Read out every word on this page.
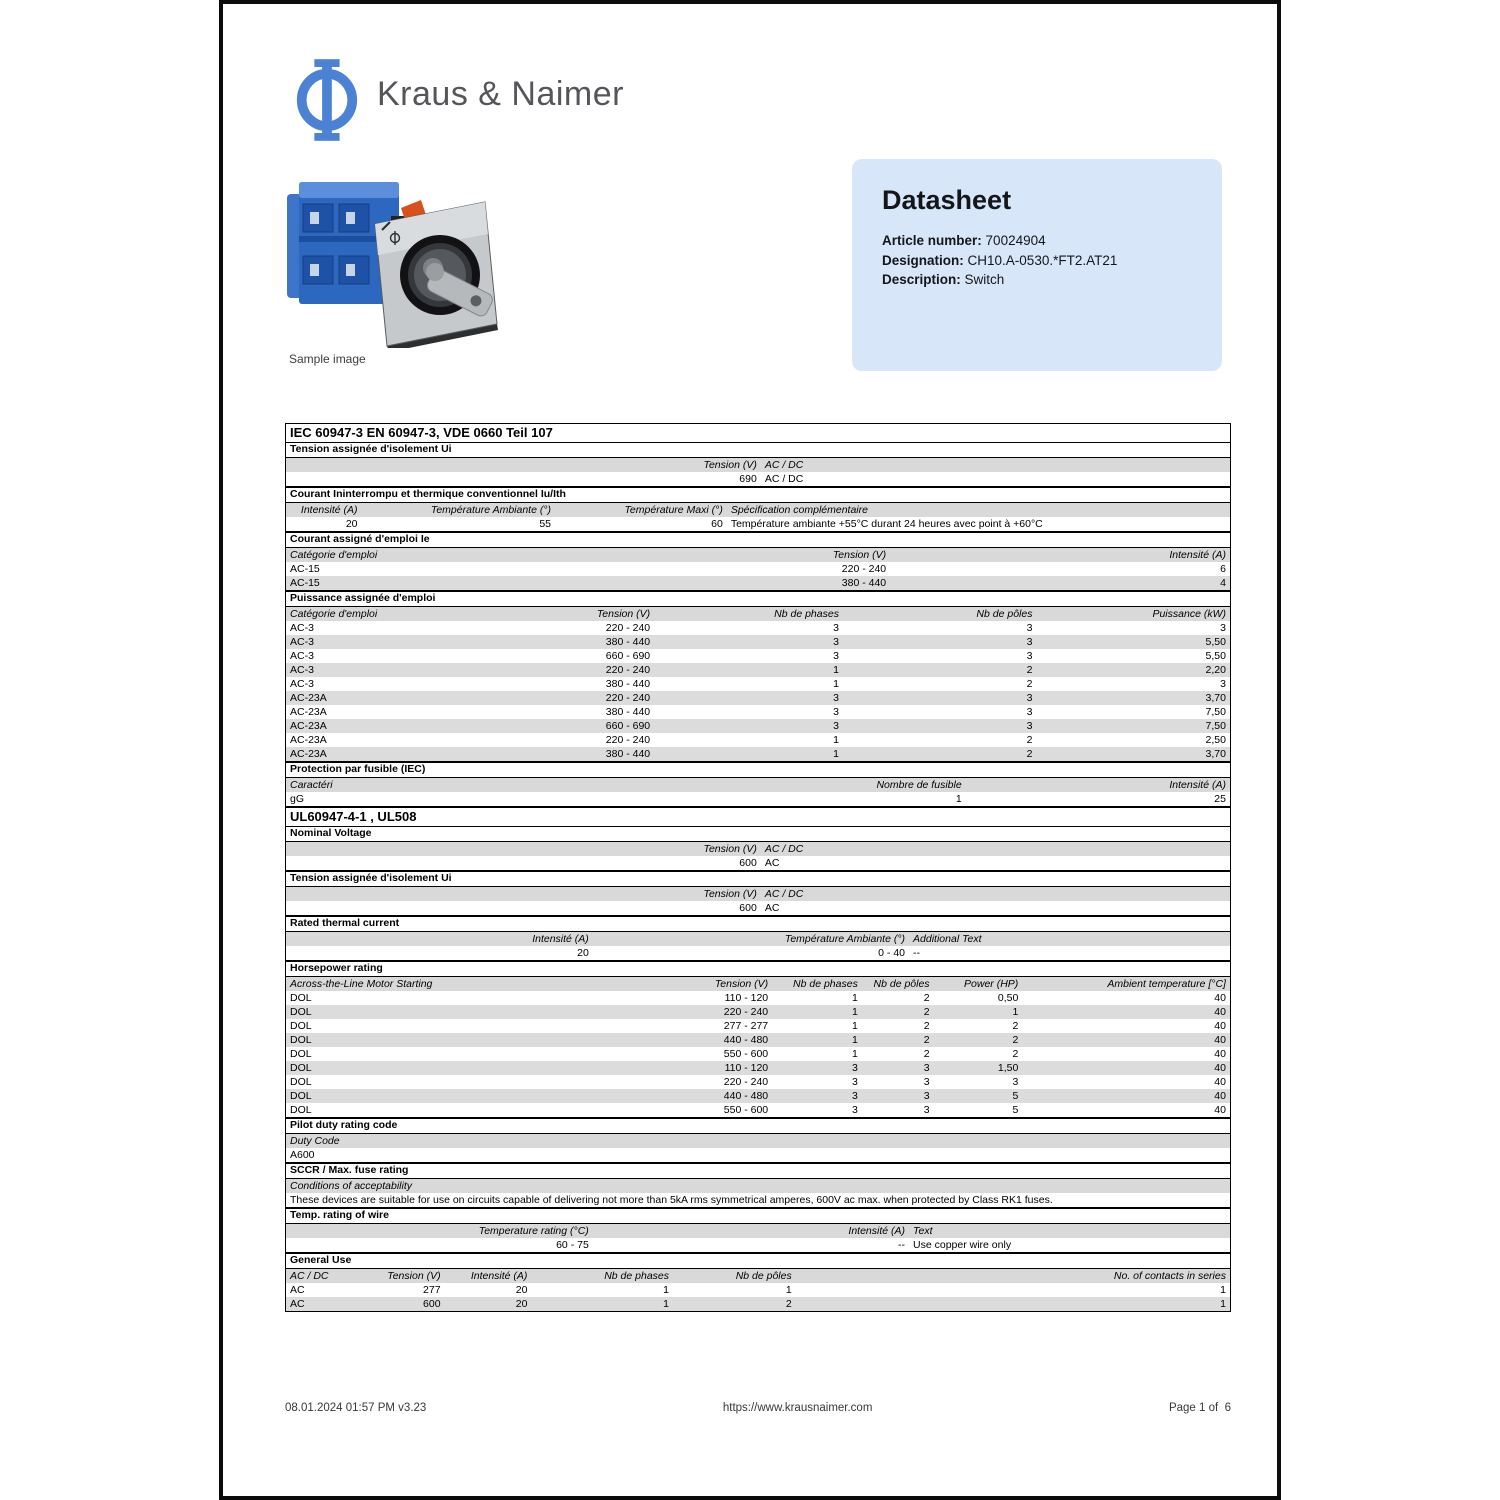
Kraus & Naimer
Sample image
Datasheet
Article number: 70024904
Designation: CH10.A-0530.*FT2.AT21
Description: Switch
IEC 60947-3 EN 60947-3, VDE 0660 Teil 107
Tension assignée d'isolement Ui
Tension (V) AC / DC
690 AC / DC
Courant Ininterrompu et thermique conventionnel Iu/Ith
Intensité (A)	Température Ambiante (°)	Température Maxi (°) Spécification complémentaire
20	55	60 Température ambiante +55°C durant 24 heures avec point à +60°C
Courant assigné d'emploi Ie
Catégorie d'emploi	Tension (V)	Intensité (A)
AC-15	220 - 240	6
AC-15	380 - 440	4
Puissance assignée d'emploi
Catégorie d'emploi	Tension (V)	Nb de phases	Nb de pôles	Puissance (kW)
AC-3	220 - 240	3	3	3
AC-3	380 - 440	3	3	5,50
AC-3	660 - 690	3	3	5,50
AC-3	220 - 240	1	2	2,20
AC-3	380 - 440	1	2	3
AC-23A	220 - 240	3	3	3,70
AC-23A	380 - 440	3	3	7,50
AC-23A	660 - 690	3	3	7,50
AC-23A	220 - 240	1	2	2,50
AC-23A	380 - 440	1	2	3,70
Protection par fusible (IEC)
Caractéri	Nombre de fusible	Intensité (A)
gG	1	25
UL60947-4-1 , UL508
Nominal Voltage
Tension (V) AC / DC
600 AC
Tension assignée d'isolement Ui
Tension (V) AC / DC
600 AC
Rated thermal current
Intensité (A)	Température Ambiante (°) Additional Text
20	0 - 40 --
Horsepower rating
Across-the-Line Motor Starting	Tension (V)	Nb de phases	Nb de pôles	Power (HP)	Ambient temperature [°C]
DOL	110 - 120	1	2	0,50	40
DOL	220 - 240	1	2	1	40
DOL	277 - 277	1	2	2	40
DOL	440 - 480	1	2	2	40
DOL	550 - 600	1	2	2	40
DOL	110 - 120	3	3	1,50	40
DOL	220 - 240	3	3	3	40
DOL	440 - 480	3	3	5	40
DOL	550 - 600	3	3	5	40
Pilot duty rating code
Duty Code
A600
SCCR / Max. fuse rating
Conditions of acceptability
These devices are suitable for use on circuits capable of delivering not more than 5kA rms symmetrical amperes, 600V ac max. when protected by Class RK1 fuses.
Temp. rating of wire
Temperature rating (°C)	Intensité (A) Text
60 - 75	-- Use copper wire only
General Use
AC / DC	Tension (V)	Intensité (A)	Nb de phases	Nb de pôles	No. of contacts in series
AC	277	20	1	1	1
AC	600	20	1	2	1
08.01.2024 01:57 PM v3.23	https://www.krausnaimer.com	Page 1 of  6
